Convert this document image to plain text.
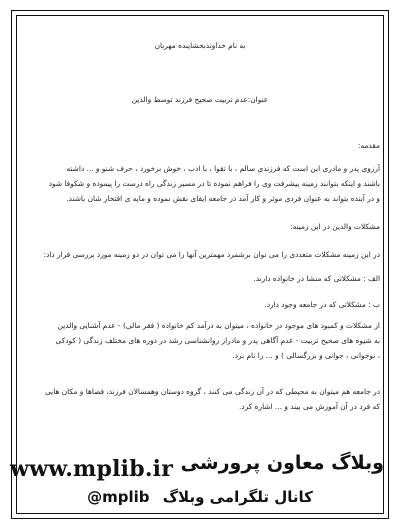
به نام خداوندبخشاینده مهربان
عنوان:عدم تربیت صحیح فرزند توسط والدین
مقدمه:
آرزوی پدر و مادری این است که فرزندی سالم ، با تقوا ، با ادب ، خوش برخورد ، حرف شنو و ... داشته
باشند و اینکه بتوانند زمینه پیشرفت وی را فراهم نموده تا در مسیر زندگی راه درست را پیموده و شکوفا شود
و در آینده بتواند به عنوان فردی موثر و کار آمد در جامعه ایفای نقش نموده و مایه ی افتخار شان باشند.
مشکلات والدین در این زمینه:
در این زمینه مشکلات متعددی را می توان برشمرد مهمترین آنها را می توان در دو زمینه مورد بررسی قرار داد:
الف : مشکلاتی که منشا در خانواده دارند.
ب : مشکلاتی که در جامعه وجود دارد.
از مشکلات و کمبود های موجود در خانواده ، میتوان به درآمد کم خانواده ( فقر مالی) - عدم آشنایی والدین
به شیوه های صحیح تربیت - عدم آگاهی پدر و مادراز روانشناسی رشد در دوره های مختلف زندگی ( کودکی
، نوجوانی ، جوانی و بزرگسالی ) و ... را نام برد.
در جامعه هم میتوان به محیطی که در آن زندگی می کنند ، گروه دوستان وهمسالان فرزند، فضاها و مکان هایی
که فرد در آن آموزش می بیند و ... اشاره کرد.
www.mplib.ir وبلاگ معاون پرورشی
کانال تلگرامی وبلاگ @mplib
